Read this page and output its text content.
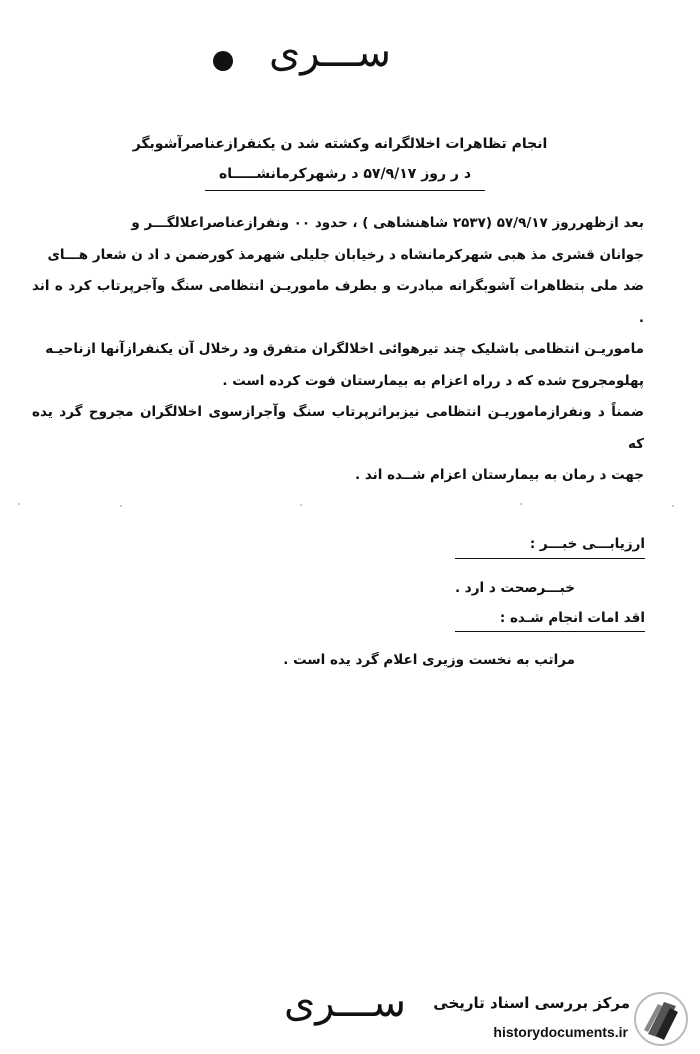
ســـرى
انجام تظاهرات اخلالگرانه وکشته شد ن یکنفرازعناصرآشوبگر
د ر روز ۵۷/۹/۱۷ د رشهرکرمانشـــــاه

بعد ازظهرروز ۵۷/۹/۱۷ (۲۵۳۷ شاهنشاهی ) ، حدود ۰۰ ونفرازعناصراعلالگـــر و

جوانان قشری مذ هبی شهرکرمانشاه د رخیابان جلیلی شهرمذ کورضمن د اد ن شعار هـــای

ضد ملی بتظاهرات آشوبگرانه مبادرت و بطرف ماموریـن انتظامی سنگ وآجرپرتاب کرد ه اند .

ماموریـن انتظامی باشلیک چند تیرهوائی اخلالگران متفرق ود رخلال آن یکنفرازآنها ازناحیـه

پهلومجروح شده که د رراه اعزام به بیمارستان فوت کرده است .

ضمناً د ونفرازماموریـن انتظامی نیزبراثرپرتاب سنگ وآجرازسوی اخلالگران مجروح گرد یده که

جهت د رمان به بیمارستان اعزام شــده اند .

ارزیابـــی خبـــر :
خبـــرصحت د ارد .
اقد امات انجام شـده :
مراتب به نخست وزیری اعلام گرد یده است .
ســـرى	مرکز بررسی اسناد تاریخی
historydocuments.ir
